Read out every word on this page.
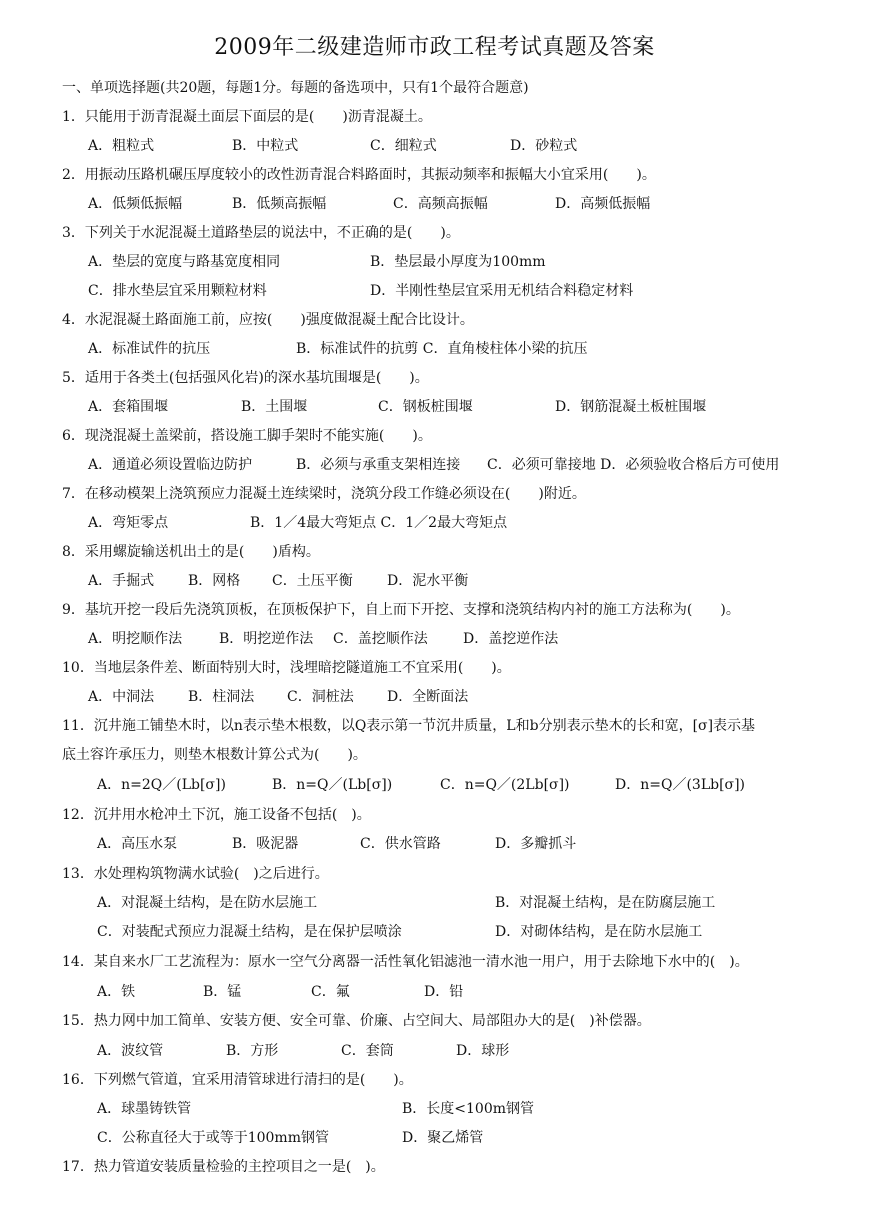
2009年二级建造师市政工程考试真题及答案
一、单项选择题(共20题，每题1分。每题的备选项中，只有1个最符合题意)
1．只能用于沥青混凝土面层下面层的是(　　)沥青混凝土。
A．粗粒式	B．中粒式	C．细粒式	D．砂粒式
2．用振动压路机碾压厚度较小的改性沥青混合料路面时，其振动频率和振幅大小宜采用(　　)。
A．低频低振幅	B．低频高振幅	C．高频高振幅	D．高频低振幅
3．下列关于水泥混凝土道路垫层的说法中，不正确的是(　　)。
A．垫层的宽度与路基宽度相同	B．垫层最小厚度为100mm
C．排水垫层宜采用颗粒材料	D．半刚性垫层宜采用无机结合料稳定材料
4．水泥混凝土路面施工前，应按(　　)强度做混凝土配合比设计。
A．标准试件的抗压	B．标准试件的抗剪 C．直角棱柱体小梁的抗压
5．适用于各类土(包括强风化岩)的深水基坑围堰是(　　)。
A．套箱围堰	B．土围堰	C．钢板桩围堰	D．钢筋混凝土板桩围堰
6．现浇混凝土盖梁前，搭设施工脚手架时不能实施(　　)。
A．通道必须设置临边防护	B．必须与承重支架相连接 C．必须可靠接地 D．必须验收合格后方可使用
7．在移动模架上浇筑预应力混凝土连续梁时，浇筑分段工作缝必须设在(　　)附近。
A．弯矩零点	B．1／4最大弯矩点 C．1／2最大弯矩点
8．采用螺旋输送机出土的是(　　)盾构。
A．手掘式 B．网格 C．土压平衡 D．泥水平衡
9．基坑开挖一段后先浇筑顶板，在顶板保护下，自上而下开挖、支撑和浇筑结构内衬的施工方法称为(　　)。
A．明挖顺作法	B．明挖逆作法 C．盖挖顺作法	D．盖挖逆作法
10．当地层条件差、断面特别大时，浅埋暗挖隧道施工不宜采用(　　)。
A．中洞法 B．柱洞法 C．洞桩法 D．全断面法
11．沉井施工铺垫木时，以n表示垫木根数，以Q表示第一节沉井质量，L和b分别表示垫木的长和宽，[σ]表示基
底土容许承压力，则垫木根数计算公式为(　　)。
A．n=2Q／(Lb[σ])	B．n=Q／(Lb[σ])	C．n=Q／(2Lb[σ])	D．n=Q／(3Lb[σ])
12．沉井用水枪冲土下沉，施工设备不包括(　)。
A．高压水泵	B．吸泥器	C．供水管路	D．多瓣抓斗
13．水处理构筑物满水试验(　)之后进行。
A．对混凝土结构，是在防水层施工	B．对混凝土结构，是在防腐层施工
C．对装配式预应力混凝土结构，是在保护层喷涂	D．对砌体结构，是在防水层施工
14．某自来水厂工艺流程为：原水一空气分离器一活性氧化铝滤池一清水池一用户，用于去除地下水中的(　)。
A．铁	B．锰	C．氟	D．铅
15．热力网中加工简单、安装方便、安全可靠、价廉、占空间大、局部阻办大的是(　)补偿器。
A．波纹管	B．方形	C．套筒	D．球形
16．下列燃气管道，宜采用清管球进行清扫的是(　　)。
A．球墨铸铁管	B．长度<100m钢管
C．公称直径大于或等于100mm钢管	D．聚乙烯管
17．热力管道安装质量检验的主控项目之一是(　)。
